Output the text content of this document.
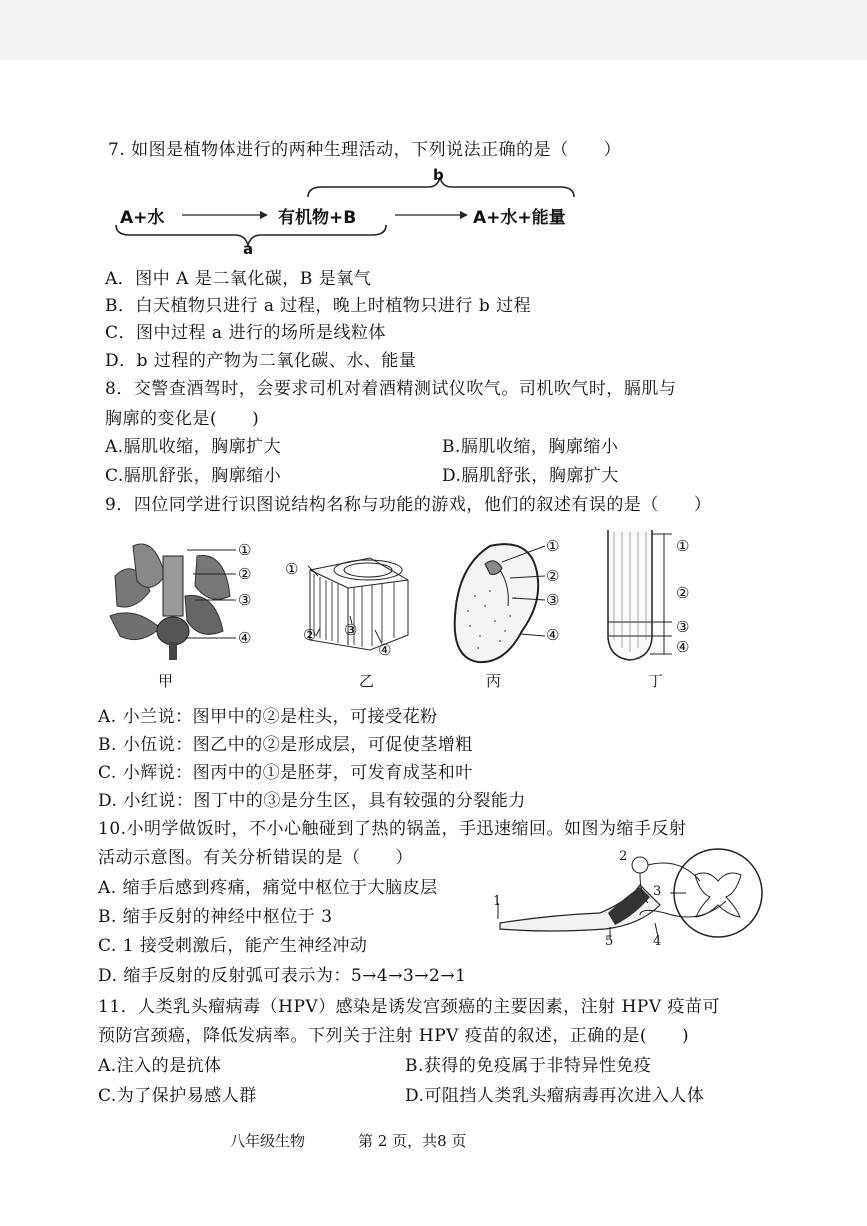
7. 如图是植物体进行的两种生理活动，下列说法正确的是（　　）
b
a
A+水	有机物+B	A+水+能量
A．图中 A 是二氧化碳，B 是氧气
B．白天植物只进行 a 过程，晚上时植物只进行 b 过程
C．图中过程 a 进行的场所是线粒体
D．b 过程的产物为二氧化碳、水、能量
8．交警查酒驾时，会要求司机对着酒精测试仪吹气。司机吹气时，膈肌与
胸廓的变化是(　　)
A.膈肌收缩，胸廓扩大	B.膈肌收缩，胸廓缩小
C.膈肌舒张，胸廓缩小	D.膈肌舒张，胸廓扩大
9．四位同学进行识图说结构名称与功能的游戏，他们的叙述有误的是（　　）
①
②
③
④
甲
①
② ③
④
乙
①
②
③
④
丙
①
②
③
④
丁
A. 小兰说：图甲中的②是柱头，可接受花粉
B. 小伍说：图乙中的②是形成层，可促使茎增粗
C. 小辉说：图丙中的①是胚芽，可发育成茎和叶
D. 小红说：图丁中的③是分生区，具有较强的分裂能力
10.小明学做饭时，不小心触碰到了热的锅盖，手迅速缩回。如图为缩手反射
活动示意图。有关分析错误的是（　　）
A. 缩手后感到疼痛，痛觉中枢位于大脑皮层
B. 缩手反射的神经中枢位于 3
C. 1 接受刺激后，能产生神经冲动
D. 缩手反射的反射弧可表示为：5→4→3→2→1
2
3
1
5	4
11．人类乳头瘤病毒（HPV）感染是诱发宫颈癌的主要因素，注射 HPV 疫苗可
预防宫颈癌，降低发病率。下列关于注射 HPV 疫苗的叙述，正确的是(　　)
A.注入的是抗体	B.获得的免疫属于非特异性免疫
C.为了保护易感人群	D.可阻挡人类乳头瘤病毒再次进入人体
八年级生物	第 2 页，共8 页
